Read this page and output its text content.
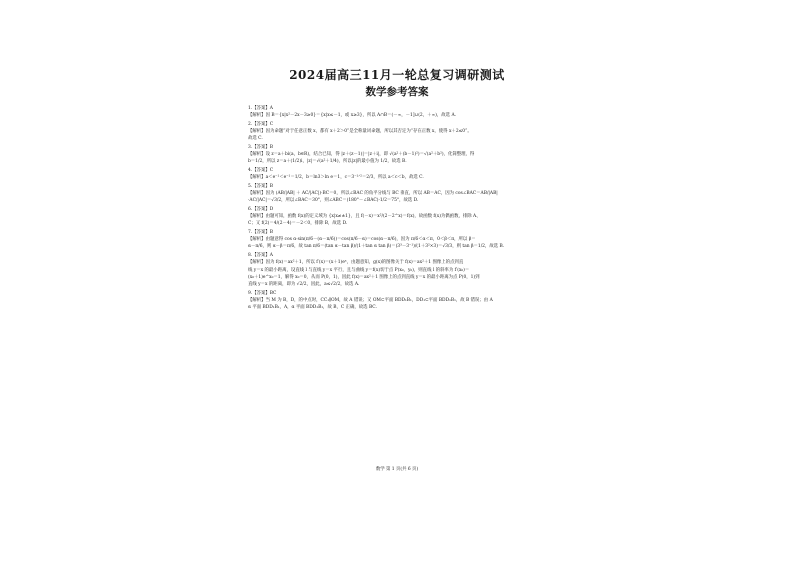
2024届高三11月一轮总复习调研测试
数学参考答案
1.【答案】A
【解析】因 B＝{x|x²－2x－3≥0}＝{x|x≤－1，或 x≥3}，所以 A∩B＝(－∞，－1]∪(2，＋∞)，故选 A.
2.【答案】C
【解析】因为命题“对于任意正数 x，都有 x＋2＞0”是全称量词命题，所以其否定为“存在正数 x，使得 x＋2≤0”。
故选 C.
3.【答案】B
【解析】设 z＝a＋bi(a，b∈R)，结合已知，得 |z＋(z－1)|＝|z＋i|，即 √(a²＋(b－1)²)＝√(a²＋b²)，化简整理，得
b＝1/2，所以 z＝a＋(1/2)i，|z|＝√(a²＋1/4)，所以|z|的最小值为 1/2，故选 B.
4.【答案】C
【解析】a＜e⁻¹＜e⁻¹＝1/2，b＝ln3＞ln e＝1，c＝3⁻¹ᐟ²＝2/3，所以 a＜c＜b，故选 C.
5.【答案】B
【解析】因为 (AB/|AB| ＋ AC/|AC|)·BC＝0，所以∠BAC 的角平分线与 BC 垂直，所以 AB＝AC，因为 cos∠BAC＝AB/|AB|
·AC/|AC|＝√3/2，所以∠BAC＝30°，则∠ABC＝(180°－∠BAC)·1/2＝75°，故选 D.
6.【答案】D
【解析】由题可知，函数 f(x)的定义域为 {x|x≠±1}，且 f(－x)＝x²/(2－2^x)＝f(x)，故函数 f(x)为偶函数，排除 A、
C；又 f(2)＝4/(2－4)＝－2＜0，排除 B，故选 D.
7.【答案】B
【解析】由题意得 cos α·sin(π/6－(α－π/6))＝cos(π/6－α)＝cos(α－π/6)，因为 π/6＜α＜π，0＜β＜π，所以 β＝
α－π/6，则 α－β＝π/6，故 tan π/6＝(tan α－tan β)/(1＋tan α tan β)＝(3³－3⁻¹)/(1＋3²×3)＝√3/3，则 tan β＝1/2，故选 B.
8.【答案】A
【解析】因为 f(x)＝ax²＋1，所以 f′(x)＝(x＋1)eˣ，由题意知，g(x)的图像关于 f(x)＝ax²＋1 图像上的点到直
线 y＝x 的最小距离，设直线 l 与直线 y＝x 平行，且与曲线 y＝f(x)切于点 P(x₀，y₀)，则直线 l 的斜率为 f′(x₀)＝
(x₀＋1)e^x₀＝1，解得 x₀＝0，从而 P(0，1)，因此 f(x)＝ax²＋1 图像上的点到直线 y＝x 的最小距离为点 P(0，1)到
直线 y＝x 的距离，即为 √2/2，因此，a≤√2/2，故选 A.
9.【答案】BC
【解析】当 M 为 B，D，的中点时，CC₁∥OM，故 A 错误；又 OM⊂平面 BDD₁B₁，DD₁⊂平面 BDD₁B₁，故 B 错误；由 A
α 平面 BDD₁B₁，A，α 平面 BDD₁B₁，故 B，C 正确，故选 BC.
数学 第 1 页(共 6 页)
